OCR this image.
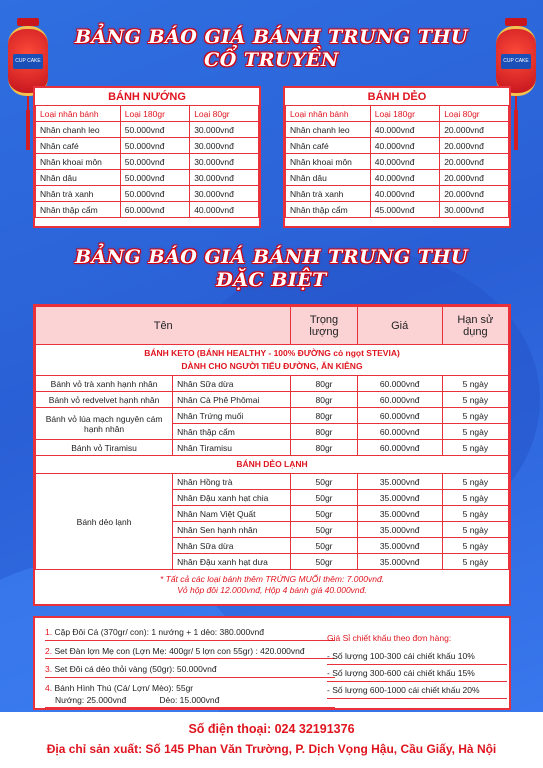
CUP CAKE	CUP CAKE
BẢNG BÁO GIÁ BÁNH TRUNG THU
CỔ TRUYỀN
BÁNH NƯỚNG
Loại nhân bánh	Loại 180gr	Loại 80gr
Nhân chanh leo	50.000vnđ	30.000vnđ
Nhân café	50.000vnđ	30.000vnđ
Nhân khoai môn	50.000vnđ	30.000vnđ
Nhân dâu	50.000vnđ	30.000vnđ
Nhân trà xanh	50.000vnđ	30.000vnđ
Nhân thập cẩm	60.000vnđ	40.000vnđ
BÁNH DẺO
Loại nhân bánh	Loại 180gr	Loại 80gr
Nhân chanh leo	40.000vnđ	20.000vnđ
Nhân café	40.000vnđ	20.000vnđ
Nhân khoai môn	40.000vnđ	20.000vnđ
Nhân dâu	40.000vnđ	20.000vnđ
Nhân trà xanh	40.000vnđ	20.000vnđ
Nhân thập cẩm	45.000vnđ	30.000vnđ
BẢNG BÁO GIÁ BÁNH TRUNG THU
ĐẶC BIỆT
Tên		Trọng lượng	Giá	Hạn sử dụng

BÁNH KETO (BÁNH HEALTHY - 100% ĐƯỜNG cỏ ngọt STEVIA)
DÀNH CHO NGƯỜI TIỂU ĐƯỜNG, ĂN KIÊNG				

Bánh vỏ trà xanh hạnh nhân	Nhân Sữa dừa	80gr	60.000vnđ	5 ngày
Bánh vỏ redvelvet hạnh nhân	Nhân Cà Phê Phômai	80gr	60.000vnđ	5 ngày
Bánh vỏ lúa mạch nguyên cám hạnh nhân	Nhân Trứng muối	80gr	60.000vnđ	5 ngày
	Nhân thập cẩm	80gr	60.000vnđ	5 ngày
Bánh vỏ Tiramisu	Nhân Tiramisu	80gr	60.000vnđ	5 ngày
BÁNH DẺO LẠNH				
Bánh dẻo lạnh	Nhân Hồng trà	50gr	35.000vnđ	5 ngày
	Nhân Đậu xanh hạt chia	50gr	35.000vnđ	5 ngày
	Nhân Nam Việt Quất	50gr	35.000vnđ	5 ngày
	Nhân Sen hạnh nhân	50gr	35.000vnđ	5 ngày
	Nhân Sữa dừa	50gr	35.000vnđ	5 ngày
	Nhân Đậu xanh hạt dưa	50gr	35.000vnđ	5 ngày

* Tất cả các loại bánh thêm TRỨNG MUỐI thêm: 7.000vnđ.
Vỏ hộp đôi 12.000vnđ, Hộp 4 bánh giá 40.000vnđ.				
1. Cặp Đôi Cá (370gr/ con): 1 nướng + 1 dẻo: 380.000vnđ
2. Set Đàn lợn Mẹ con (Lợn Mẹ: 400gr/ 5 lợn con 55gr) : 420.000vnđ
3. Set Đôi cá dẻo thỏi vàng (50gr): 50.000vnđ
4. Bánh Hình Thú (Cá/ Lợn/ Mèo): 55gr
Nướng: 25.000vnđ              Dẻo: 15.000vnđ
Giá Sỉ chiết khấu theo đơn hàng:
- Số lượng 100-300 cái chiết khấu 10%
- Số lượng 300-600 cái chiết khấu 15%
- Số lượng 600-1000 cái chiết khấu 20%
Số điện thoại: 024 32191376
Địa chỉ sản xuất: Số 145 Phan Văn Trường, P. Dịch Vọng Hậu, Cầu Giấy, Hà Nội
